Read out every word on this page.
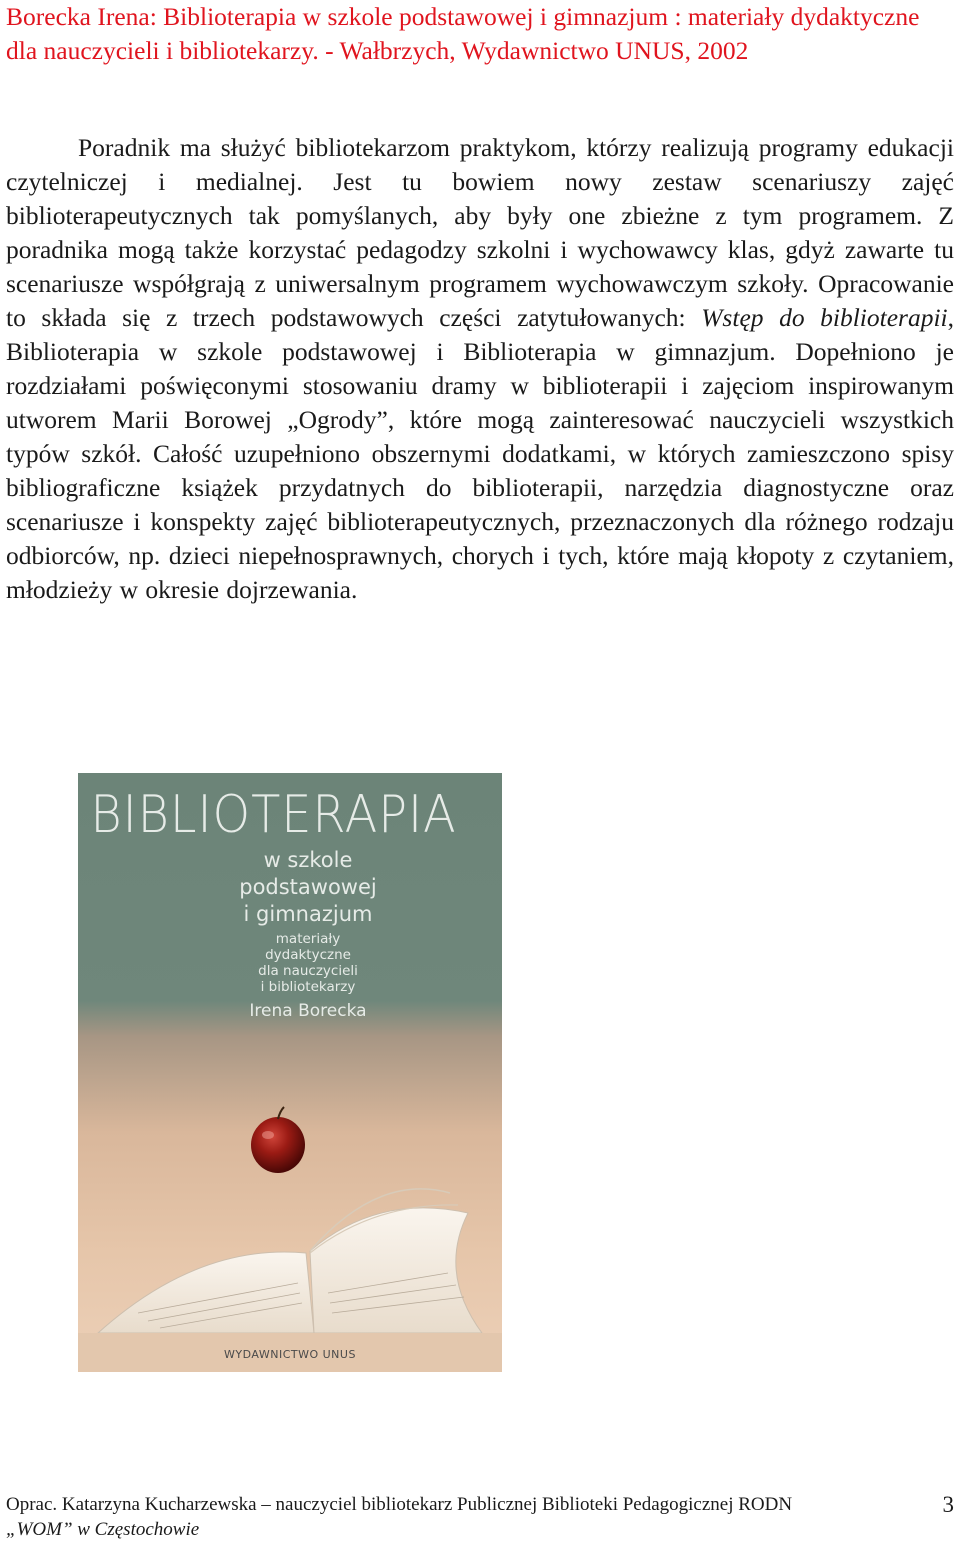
Borecka Irena: Biblioterapia w szkole podstawowej i gimnazjum : materiały dydaktyczne dla nauczycieli i bibliotekarzy. - Wałbrzych, Wydawnictwo UNUS, 2002

Poradnik ma służyć bibliotekarzom praktykom, którzy realizują programy edukacji czytelniczej i medialnej. Jest tu bowiem nowy zestaw scenariuszy zajęć biblioterapeutycznych tak pomyślanych, aby były one zbieżne z tym programem. Z poradnika mogą także korzystać pedagodzy szkolni i wychowawcy klas, gdyż zawarte tu scenariusze współgrają z uniwersalnym programem wychowawczym szkoły. Opracowanie to składa się z trzech podstawowych części zatytułowanych: Wstęp do biblioterapii, Biblioterapia w szkole podstawowej i Biblioterapia w gimnazjum. Dopełniono je rozdziałami poświęconymi stosowaniu dramy w biblioterapii i zajęciom inspirowanym utworem Marii Borowej „Ogrody”, które mogą zainteresować nauczycieli wszystkich typów szkół. Całość uzupełniono obszernymi dodatkami, w których zamieszczono spisy bibliograficzne książek przydatnych do biblioterapii, narzędzia diagnostyczne oraz scenariusze i konspekty zajęć biblioterapeutycznych, przeznaczonych dla różnego rodzaju odbiorców, np. dzieci niepełnosprawnych, chorych i tych, które mają kłopoty z czytaniem, młodzieży w okresie dojrzewania.

BIBLIOTERAPIA
w szkole
podstawowej
i gimnazjum
materiały
dydaktyczne
dla nauczycieli
i bibliotekarzy
Irena Borecka
WYDAWNICTWO UNUS

Oprac. Katarzyna Kucharzewska – nauczyciel bibliotekarz Publicznej Biblioteki Pedagogicznej RODN
„WOM” w Częstochowie

3
